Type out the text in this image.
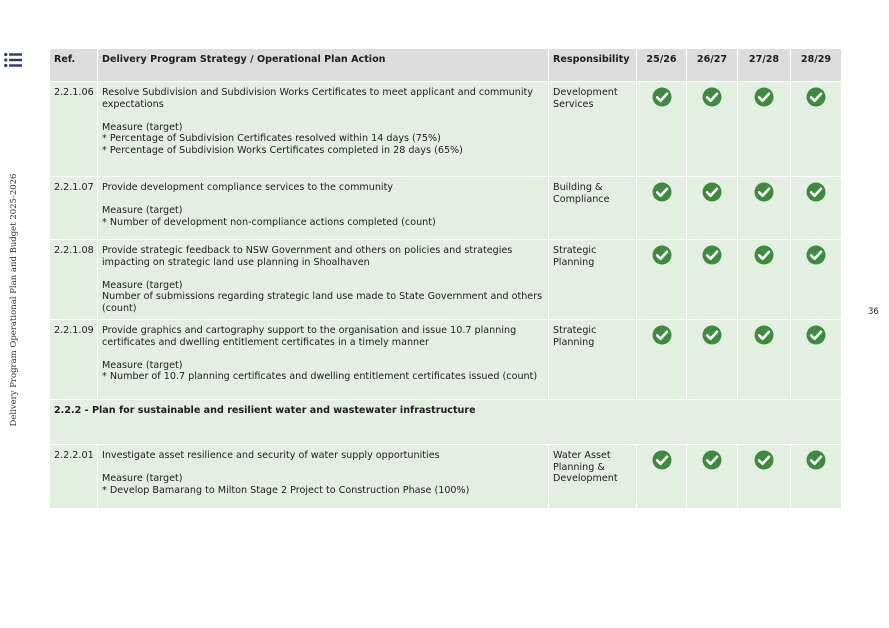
Delivery Program Operational Plan and Budget 2025-2026	36
Ref.	Delivery Program Strategy / Operational Plan Action	Responsibility	25/26	26/27	27/28	28/29
2.2.1.06	Resolve Subdivision and Subdivision Works Certificates to meet applicant and community expectations
Measure (target)
* Percentage of Subdivision Certificates resolved within 14 days (75%)
* Percentage of Subdivision Works Certificates completed in 28 days (65%)	Development Services				
2.2.1.07	Provide development compliance services to the community
Measure (target)
* Number of development non-compliance actions completed (count)	Building & Compliance				
2.2.1.08	Provide strategic feedback to NSW Government and others on policies and strategies impacting on strategic land use planning in Shoalhaven
Measure (target)
Number of submissions regarding strategic land use made to State Government and others (count)	Strategic Planning				
2.2.1.09	Provide graphics and cartography support to the organisation and issue 10.7 planning certificates and dwelling entitlement certificates in a timely manner
Measure (target)
* Number of 10.7 planning certificates and dwelling entitlement certificates issued (count)	Strategic Planning				
2.2.2 - Plan for sustainable and resilient water and wastewater infrastructure						
2.2.2.01	Investigate asset resilience and security of water supply opportunities
Measure (target)
* Develop Bamarang to Milton Stage 2 Project to Construction Phase (100%)	Water Asset Planning & Development				
